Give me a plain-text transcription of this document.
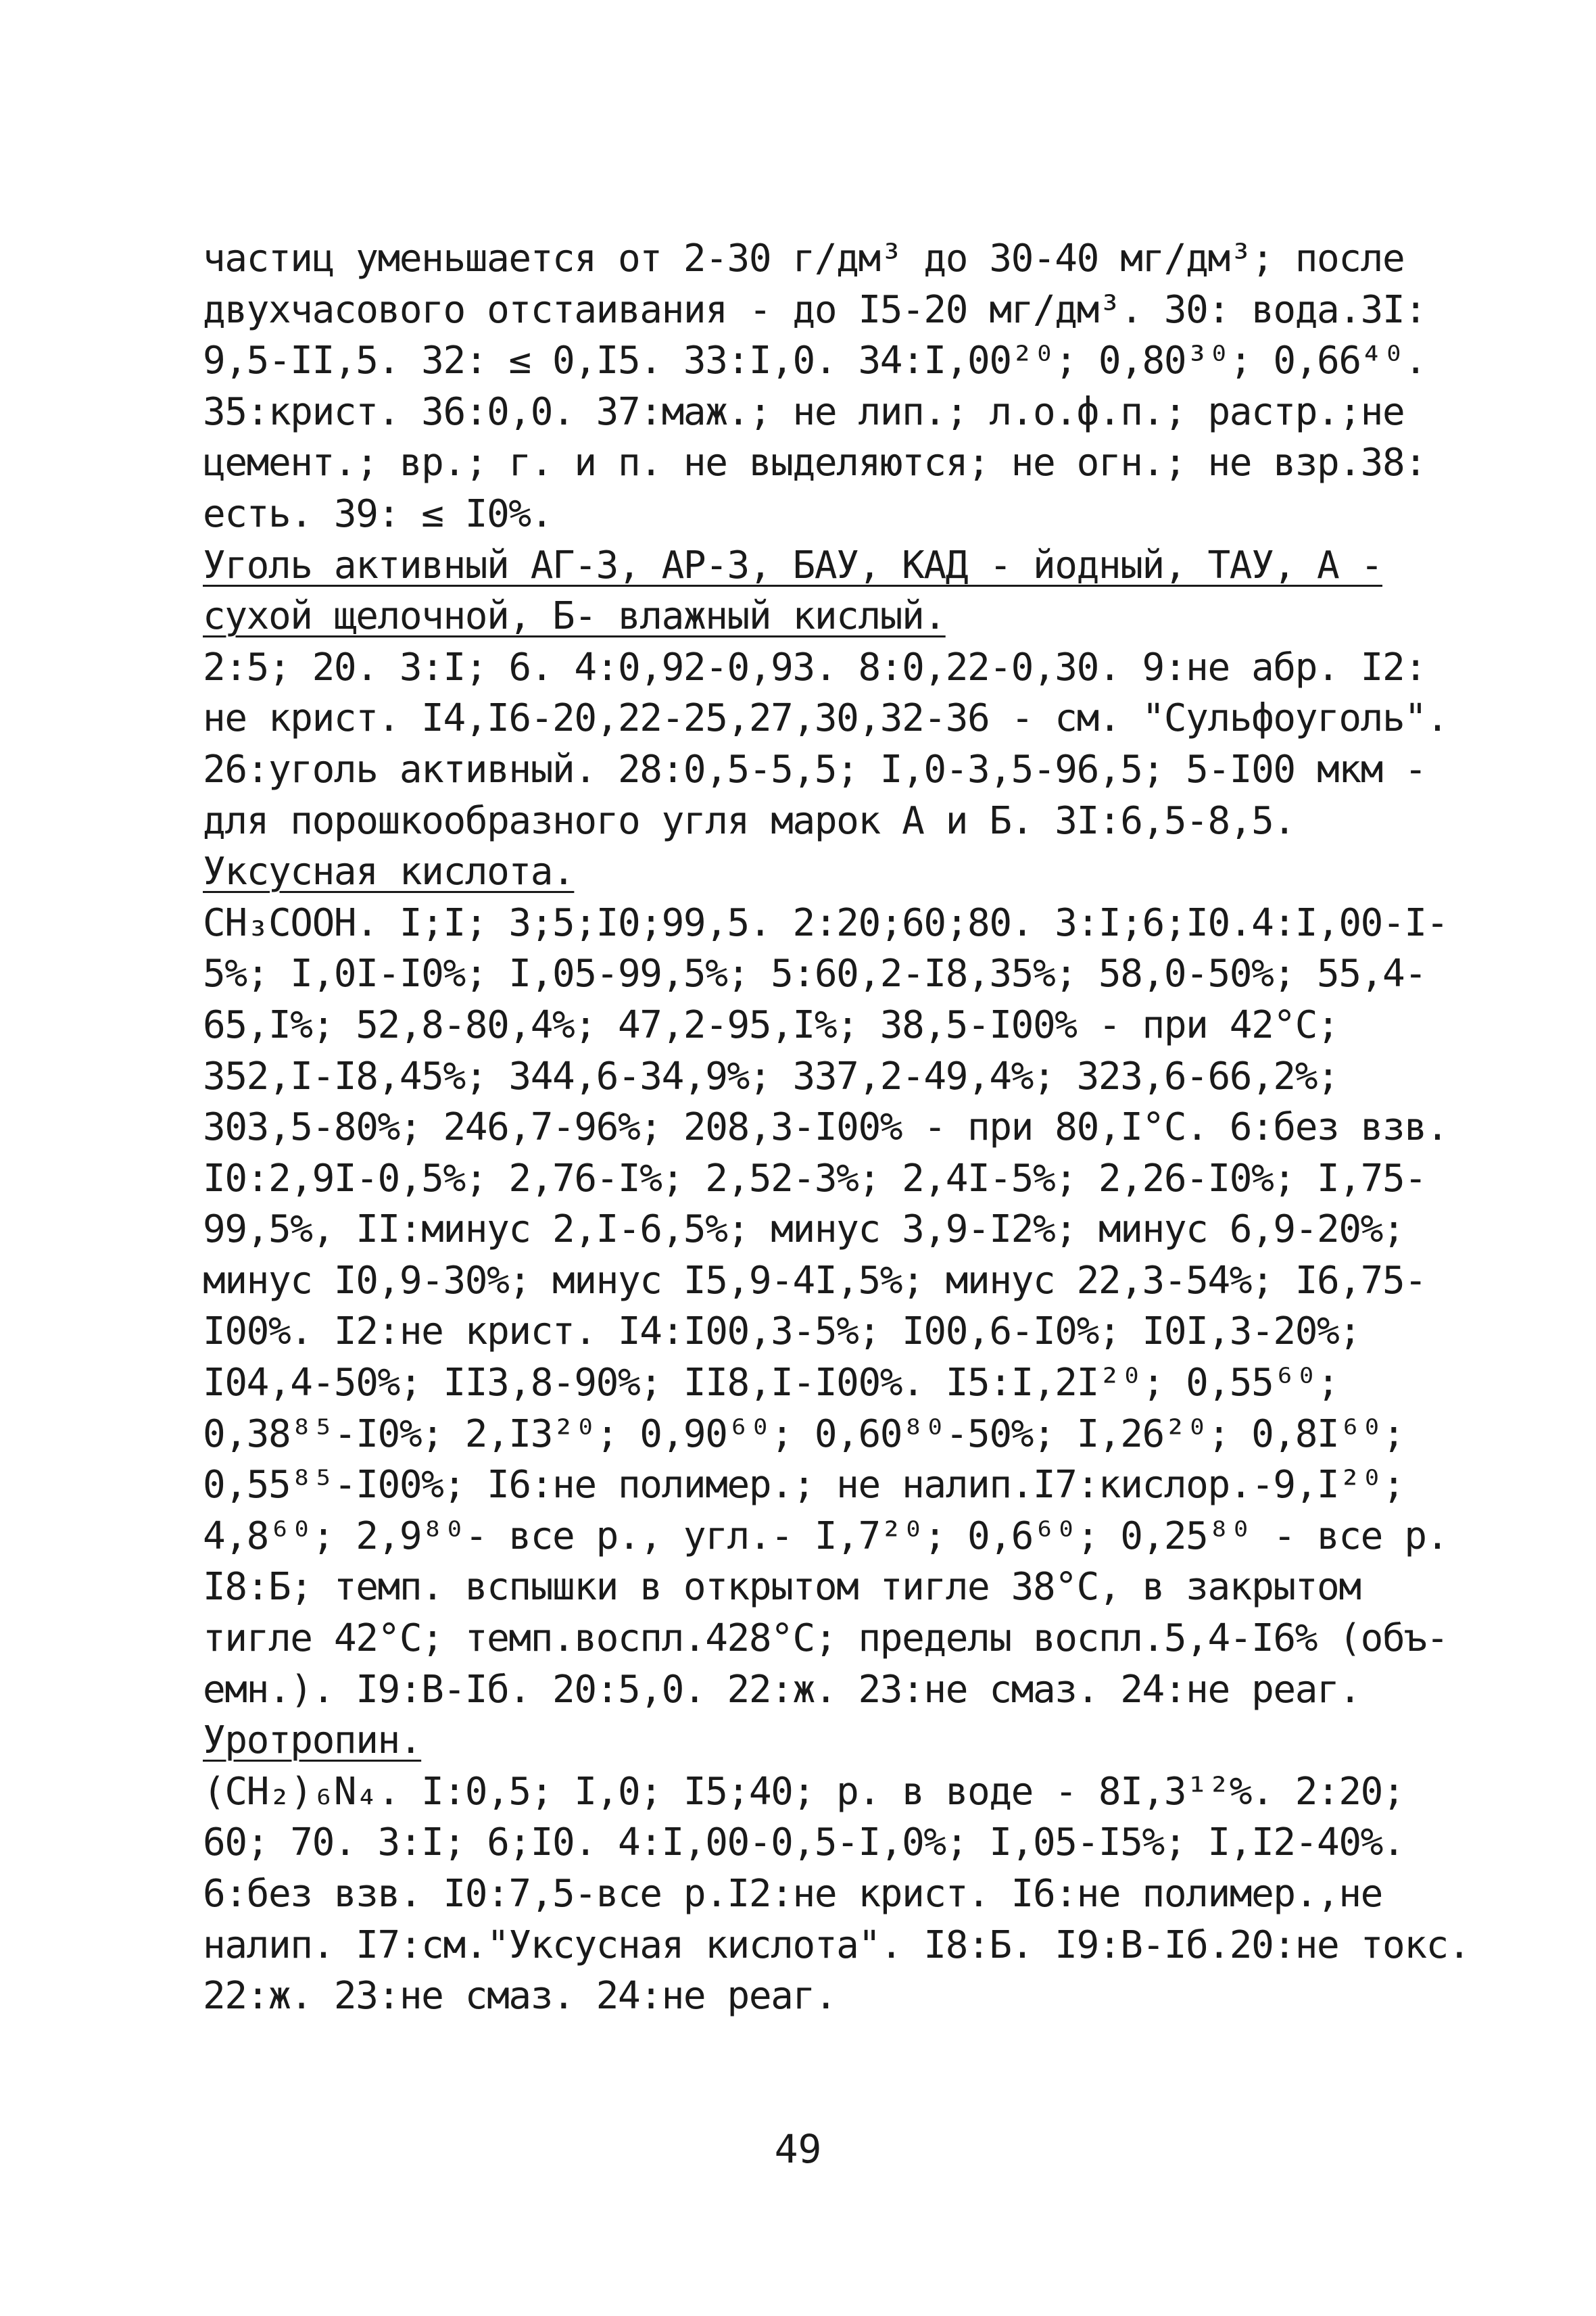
частиц уменьшается от 2-30 г/дм³ до 30-40 мг/дм³; после
двухчасового отстаивания - до I5-20 мг/дм³. 30: вода.3I:
9,5-II,5. 32: ≤ 0,I5. 33:I,0. 34:I,00²⁰; 0,80³⁰; 0,66⁴⁰.
35:крист. 36:0,0. 37:маж.; не лип.; л.о.ф.п.; растр.;не
цемент.; вр.; г. и п. не выделяются; не огн.; не взр.38:
есть. 39: ≤ I0%.
Уголь активный АГ-3, АР-3, БАУ, КАД - йодный, ТАУ, А -
сухой щелочной, Б- влажный кислый.
2:5; 20. 3:I; 6. 4:0,92-0,93. 8:0,22-0,30. 9:не абр. I2:
не крист. I4,I6-20,22-25,27,30,32-36 - см. "Сульфоуголь".
26:уголь активный. 28:0,5-5,5; I,0-3,5-96,5; 5-I00 мкм -
для порошкообразного угля марок А и Б. 3I:6,5-8,5.
Уксусная кислота.
CH₃COOH. I;I; 3;5;I0;99,5. 2:20;60;80. 3:I;6;I0.4:I,00-I-
5%; I,0I-I0%; I,05-99,5%; 5:60,2-I8,35%; 58,0-50%; 55,4-
65,I%; 52,8-80,4%; 47,2-95,I%; 38,5-I00% - при 42°C;
352,I-I8,45%; 344,6-34,9%; 337,2-49,4%; 323,6-66,2%;
303,5-80%; 246,7-96%; 208,3-I00% - при 80,I°C. 6:без взв.
I0:2,9I-0,5%; 2,76-I%; 2,52-3%; 2,4I-5%; 2,26-I0%; I,75-
99,5%, II:минус 2,I-6,5%; минус 3,9-I2%; минус 6,9-20%;
минус I0,9-30%; минус I5,9-4I,5%; минус 22,3-54%; I6,75-
I00%. I2:не крист. I4:I00,3-5%; I00,6-I0%; I0I,3-20%;
I04,4-50%; II3,8-90%; II8,I-I00%. I5:I,2I²⁰; 0,55⁶⁰;
0,38⁸⁵-I0%; 2,I3²⁰; 0,90⁶⁰; 0,60⁸⁰-50%; I,26²⁰; 0,8I⁶⁰;
0,55⁸⁵-I00%; I6:не полимер.; не налип.I7:кислор.-9,I²⁰;
4,8⁶⁰; 2,9⁸⁰- все р., угл.- I,7²⁰; 0,6⁶⁰; 0,25⁸⁰ - все р.
I8:Б; темп. вспышки в открытом тигле 38°C, в закрытом
тигле 42°C; темп.воспл.428°C; пределы воспл.5,4-I6% (объ-
емн.). I9:В-Iб. 20:5,0. 22:ж. 23:не смаз. 24:не реаг.
Уротропин.
(CH₂)₆N₄. I:0,5; I,0; I5;40; р. в воде - 8I,3¹²%. 2:20;
60; 70. 3:I; 6;I0. 4:I,00-0,5-I,0%; I,05-I5%; I,I2-40%.
6:без взв. I0:7,5-все р.I2:не крист. I6:не полимер.,не
налип. I7:см."Уксусная кислота". I8:Б. I9:В-Iб.20:не токс.
22:ж. 23:не смаз. 24:не реаг.
49
